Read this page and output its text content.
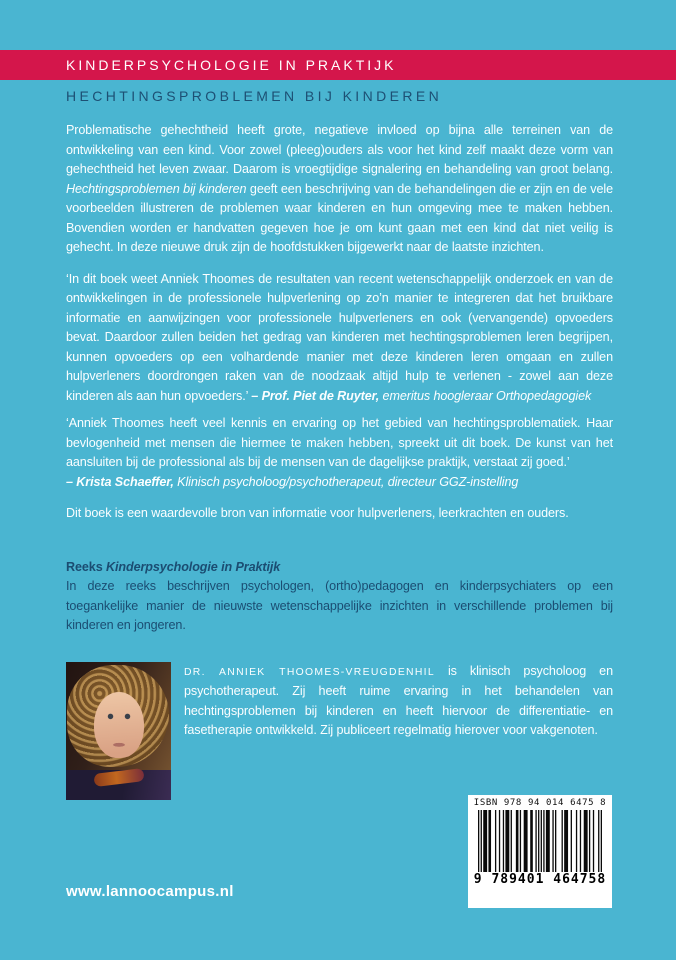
KINDERPSYCHOLOGIE IN PRAKTIJK
HECHTINGSPROBLEMEN BIJ KINDEREN

Problematische gehechtheid heeft grote, negatieve invloed op bijna alle terreinen van de ontwikkeling van een kind. Voor zowel (pleeg)ouders als voor het kind zelf maakt deze vorm van gehechtheid het leven zwaar. Daarom is vroegtijdige signalering en behandeling van groot belang. Hechtingsproblemen bij kinderen geeft een beschrijving van de behandelingen die er zijn en de vele voorbeelden illustreren de problemen waar kinderen en hun omgeving mee te maken hebben. Bovendien worden er handvatten gegeven hoe je om kunt gaan met een kind dat niet veilig is gehecht. In deze nieuwe druk zijn de hoofdstukken bijgewerkt naar de laatste inzichten.

‘In dit boek weet Anniek Thoomes de resultaten van recent wetenschappelijk onderzoek en van de ontwikkelingen in de professionele hulpverlening op zo’n manier te integreren dat het bruikbare informatie en aanwijzingen voor professionele hulpverleners en ook (vervangende) opvoeders bevat. Daardoor zullen beiden het gedrag van kinderen met hechtingsproblemen leren begrijpen, kunnen opvoeders op een volhardende manier met deze kinderen leren omgaan en zullen hulpverleners doordrongen raken van de noodzaak altijd hulp te verlenen - zowel aan deze kinderen als aan hun opvoeders.’ – Prof. Piet de Ruyter, emeritus hoogleraar Orthopedagogiek

‘Anniek Thoomes heeft veel kennis en ervaring op het gebied van hechtingsproblematiek. Haar bevlogenheid met mensen die hiermee te maken hebben, spreekt uit dit boek. De kunst van het aansluiten bij de professional als bij de mensen van de dagelijkse praktijk, verstaat zij goed.’
– Krista Schaeffer, Klinisch psycholoog/psychotherapeut, directeur GGZ-instelling

Dit boek is een waardevolle bron van informatie voor hulpverleners, leerkrachten en ouders.

Reeks Kinderpsychologie in Praktijk
In deze reeks beschrijven psychologen, (ortho)pedagogen en kinderpsychiaters op een toegankelijke manier de nieuwste wetenschappelijke inzichten in verschillende problemen bij kinderen en jongeren.

DR. ANNIEK THOOMES-VREUGDENHIL is klinisch psycholoog en psychotherapeut. Zij heeft ruime ervaring in het behandelen van hechtingsproblemen bij kinderen en heeft hiervoor de differentiatie- en fasetherapie ontwikkeld. Zij publiceert regelmatig hierover voor vakgenoten.
www.lannoocampus.nl
ISBN 978 94 014 6475 8
9 789401 464758
